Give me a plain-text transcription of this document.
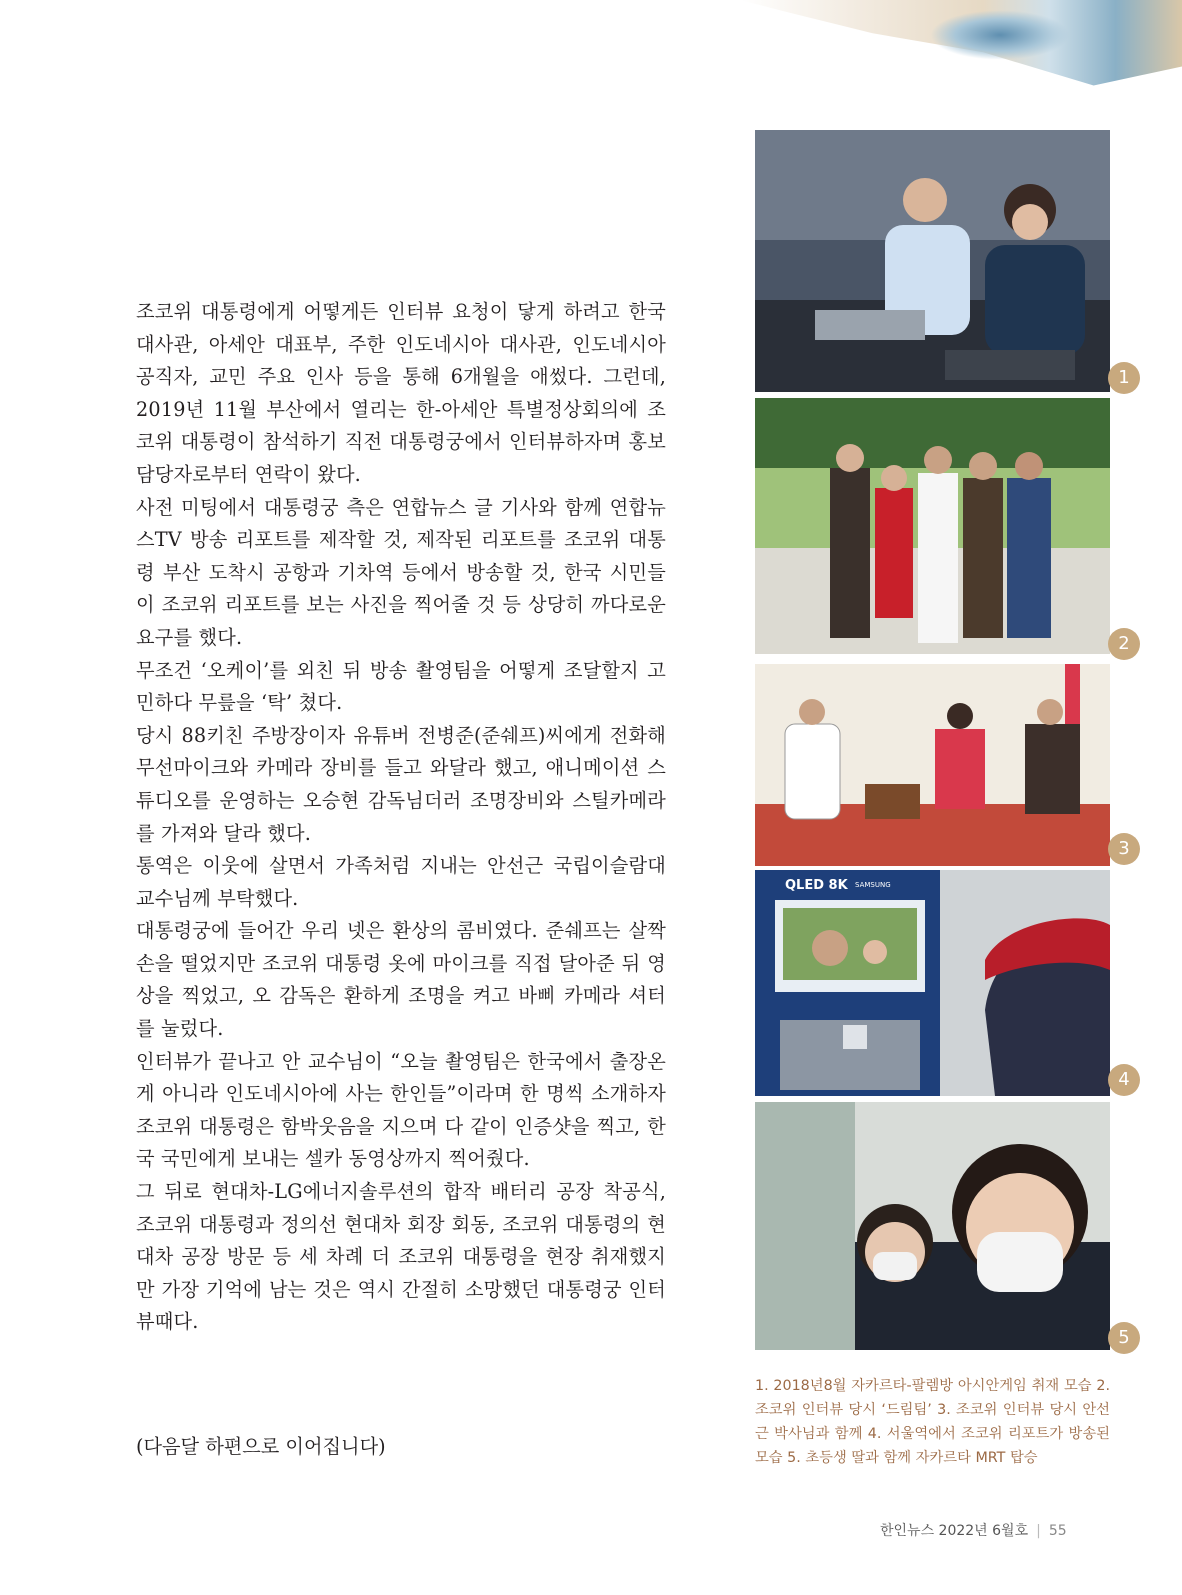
조코위 대통령에게 어떻게든 인터뷰 요청이 닿게 하려고 한국 대사관, 아세안 대표부, 주한 인도네시아 대사관, 인도네시아 공직자, 교민 주요 인사 등을 통해 6개월을 애썼다. 그런데, 2019년 11월 부산에서 열리는 한-아세안 특별정상회의에 조코위 대통령이 참석하기 직전 대통령궁에서 인터뷰하자며 홍보 담당자로부터 연락이 왔다.

사전 미팅에서 대통령궁 측은 연합뉴스 글 기사와 함께 연합뉴스TV 방송 리포트를 제작할 것, 제작된 리포트를 조코위 대통령 부산 도착시 공항과 기차역 등에서 방송할 것, 한국 시민들이 조코위 리포트를 보는 사진을 찍어줄 것 등 상당히 까다로운 요구를 했다.

무조건 ‘오케이’를 외친 뒤 방송 촬영팀을 어떻게 조달할지 고민하다 무릎을 ‘탁’ 쳤다.

당시 88키친 주방장이자 유튜버 전병준(준쉐프)씨에게 전화해 무선마이크와 카메라 장비를 들고 와달라 했고, 애니메이션 스튜디오를 운영하는 오승현 감독님더러 조명장비와 스틸카메라를 가져와 달라 했다.

통역은 이웃에 살면서 가족처럼 지내는 안선근 국립이슬람대 교수님께 부탁했다.

대통령궁에 들어간 우리 넷은 환상의 콤비였다. 준쉐프는 살짝 손을 떨었지만 조코위 대통령 옷에 마이크를 직접 달아준 뒤 영상을 찍었고, 오 감독은 환하게 조명을 켜고 바삐 카메라 셔터를 눌렀다.

인터뷰가 끝나고 안 교수님이 “오늘 촬영팀은 한국에서 출장온 게 아니라 인도네시아에 사는 한인들”이라며 한 명씩 소개하자 조코위 대통령은 함박웃음을 지으며 다 같이 인증샷을 찍고, 한국 국민에게 보내는 셀카 동영상까지 찍어줬다.

그 뒤로 현대차-LG에너지솔루션의 합작 배터리 공장 착공식, 조코위 대통령과 정의선 현대차 회장 회동, 조코위 대통령의 현대차 공장 방문 등 세 차례 더 조코위 대통령을 현장 취재했지만 가장 기억에 남는 것은 역시 간절히 소망했던 대통령궁 인터뷰때다.

(다음달 하편으로 이어집니다)
1
2
3
QLED 8K SAMSUNG
4
5
1. 2018년8월 자카르타-팔렘방 아시안게임 취재 모습 2. 조코위 인터뷰 당시 ‘드림팀’ 3. 조코위 인터뷰 당시 안선근 박사님과 함께 4. 서울역에서 조코위 리포트가 방송된 모습 5. 초등생 딸과 함께 자카르타 MRT 탑승
한인뉴스 2022년 6월호 | 55
